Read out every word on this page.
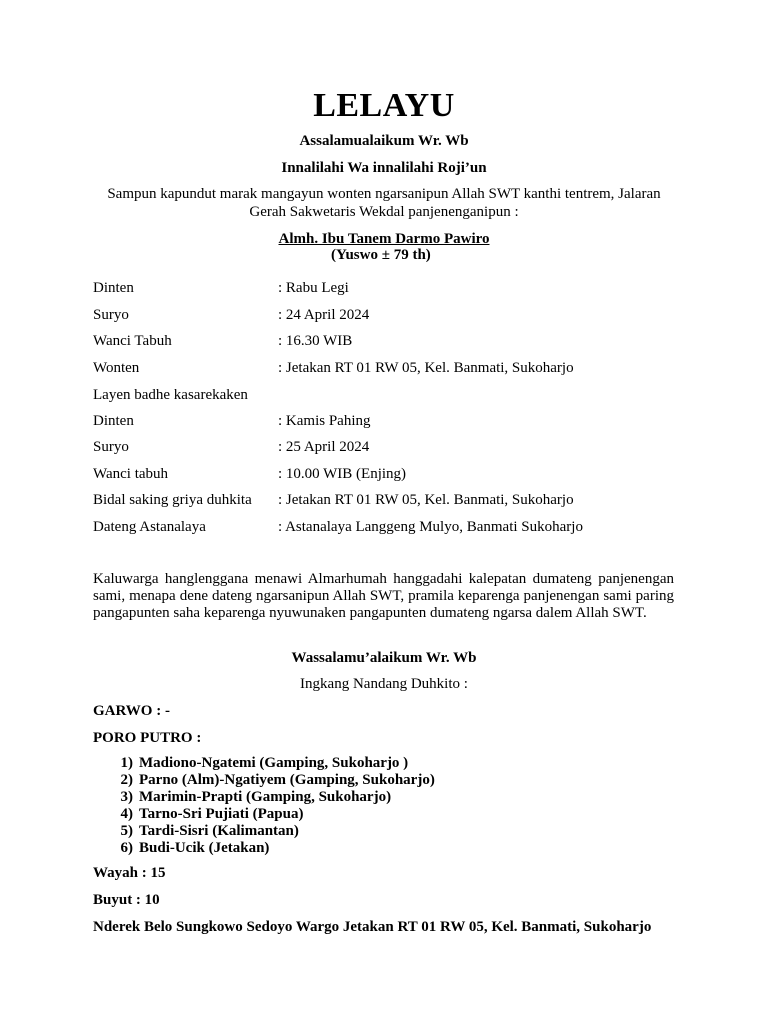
LELAYU
Assalamualaikum Wr. Wb
Innalilahi Wa innalilahi Roji’un
Sampun kapundut marak mangayun wonten ngarsanipun Allah SWT kanthi tentrem, Jalaran
Gerah Sakwetaris Wekdal panjenenganipun :
Almh. Ibu Tanem Darmo Pawiro
(Yuswo ± 79 th)
Dinten	: Rabu Legi
Suryo	: 24 April 2024
Wanci Tabuh	: 16.30 WIB
Wonten	: Jetakan RT 01 RW 05, Kel. Banmati, Sukoharjo
Layen badhe kasarekaken
Dinten	: Kamis Pahing
Suryo	: 25 April 2024
Wanci tabuh	: 10.00 WIB (Enjing)
Bidal saking griya duhkita : Jetakan RT 01 RW 05, Kel. Banmati, Sukoharjo
Dateng Astanalaya	: Astanalaya Langgeng Mulyo, Banmati Sukoharjo
Kaluwarga hanglenggana menawi Almarhumah hanggadahi kalepatan dumateng panjenengan sami, menapa dene dateng ngarsanipun Allah SWT, pramila keparenga panjenengan sami paring pangapunten saha keparenga nyuwunaken pangapunten dumateng ngarsa dalem Allah SWT.
Wassalamu’alaikum Wr. Wb
Ingkang Nandang Duhkito :
GARWO : -
PORO PUTRO :
1) Madiono-Ngatemi (Gamping, Sukoharjo )
2) Parno (Alm)-Ngatiyem (Gamping, Sukoharjo)
3) Marimin-Prapti (Gamping, Sukoharjo)
4) Tarno-Sri Pujiati (Papua)
5) Tardi-Sisri (Kalimantan)
6) Budi-Ucik (Jetakan)
Wayah : 15
Buyut : 10
Nderek Belo Sungkowo Sedoyo Wargo Jetakan RT 01 RW 05, Kel. Banmati, Sukoharjo
